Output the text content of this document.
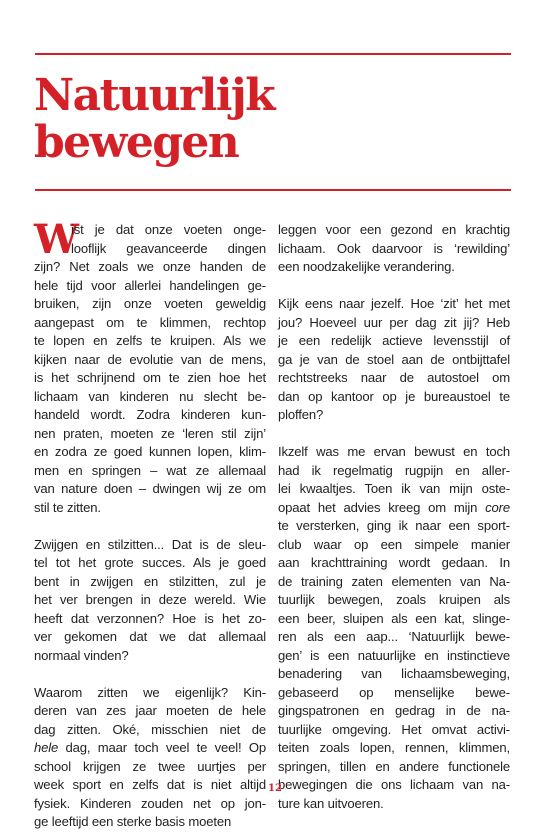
Natuurlijk
bewegen
W
ist je dat onze voeten onge-
looflijk geavanceerde dingen
zijn? Net zoals we onze handen de
hele tijd voor allerlei handelingen ge-
bruiken, zijn onze voeten geweldig
aangepast om te klimmen, rechtop
te lopen en zelfs te kruipen. Als we
kijken naar de evolutie van de mens,
is het schrijnend om te zien hoe het
lichaam van kinderen nu slecht be-
handeld wordt. Zodra kinderen kun-
nen praten, moeten ze ‘leren stil zijn’
en zodra ze goed kunnen lopen, klim-
men en springen – wat ze allemaal
van nature doen – dwingen wij ze om
stil te zitten.
Zwijgen en stilzitten... Dat is de sleu-
tel tot het grote succes. Als je goed
bent in zwijgen en stilzitten, zul je
het ver brengen in deze wereld. Wie
heeft dat verzonnen? Hoe is het zo-
ver gekomen dat we dat allemaal
normaal vinden?
Waarom zitten we eigenlijk? Kin-
deren van zes jaar moeten de hele
dag zitten. Oké, misschien niet de
hele dag, maar toch veel te veel! Op
school krijgen ze twee uurtjes per
week sport en zelfs dat is niet altijd
fysiek. Kinderen zouden net op jon-
ge leeftijd een sterke basis moeten
leggen voor een gezond en krachtig
lichaam. Ook daarvoor is ‘rewilding’
een noodzakelijke verandering.
Kijk eens naar jezelf. Hoe ‘zit’ het met
jou? Hoeveel uur per dag zit jij? Heb
je een redelijk actieve levensstijl of
ga je van de stoel aan de ontbijttafel
rechtstreeks naar de autostoel om
dan op kantoor op je bureaustoel te
ploffen?
Ikzelf was me ervan bewust en toch
had ik regelmatig rugpijn en aller-
lei kwaaltjes. Toen ik van mijn oste-
opaat het advies kreeg om mijn core
te versterken, ging ik naar een sport-
club waar op een simpele manier
aan krachttraining wordt gedaan. In
de training zaten elementen van Na-
tuurlijk bewegen, zoals kruipen als
een beer, sluipen als een kat, slinge-
ren als een aap... ‘Natuurlijk bewe-
gen’ is een natuurlijke en instinctieve
benadering van lichaamsbeweging,
gebaseerd op menselijke bewe-
gingspatronen en gedrag in de na-
tuurlijke omgeving. Het omvat activi-
teiten zoals lopen, rennen, klimmen,
springen, tillen en andere functionele
bewegingen die ons lichaam van na-
ture kan uitvoeren.
12
